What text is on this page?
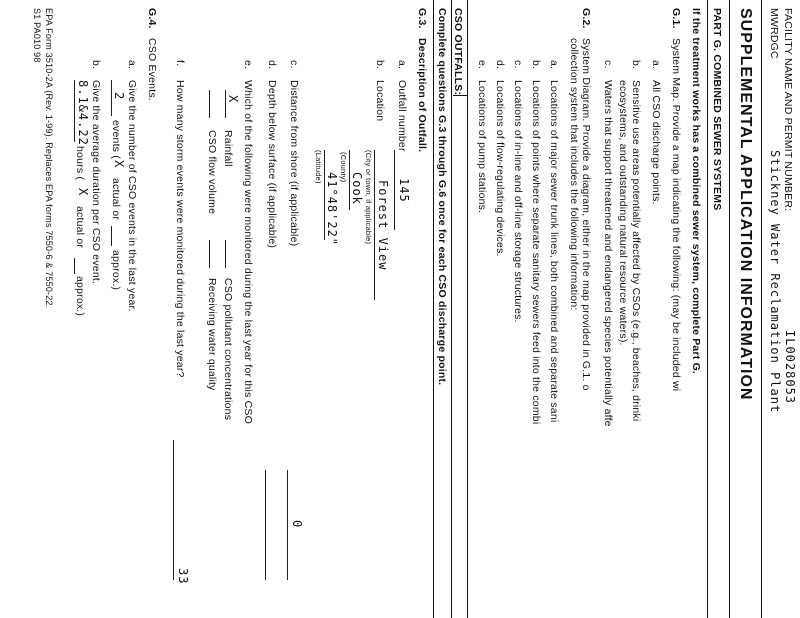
FACILITY NAME AND PERMIT NUMBER:
IL0028053
MWRDGC
Stickney Water Reclamation Plant
SUPPLEMENTAL APPLICATION INFORMATION
PART G. COMBINED SEWER SYSTEMS
If the treatment works has a combined sewer system, complete Part G.
G.1.
System Map. Provide a map indicating the following: (may be included wi
a.
All CSO discharge points.
b.
Sensitive use areas potentially affected by CSOs (e.g., beaches, drinki
ecosystems, and outstanding natural resource waters).
c.
Waters that support threatened and endangered species potentially affe
G.2.
System Diagram. Provide a diagram, either in the map provided in G.1. o
collection system that includes the following information:
a.
Locations of major sewer trunk lines, both combined and separate sani
b.
Locations of points where separate sanitary sewers feed into the combi
c.
Locations of in-line and off-line storage structures.
d.
Locations of flow-regulating devices.
e.
Locations of pump stations.
CSO OUTFALLS:
Complete questions G.3 through G.6 once for each CSO discharge point.
G.3.
Description of Outfall.
a.
Outfall number
145
b.
Location
Forest View
(City or town, if applicable)
Cook
(County)
41°48'22"
(Latitude)
c.
Distance from shore (if applicable)
0
d.
Depth below surface (if applicable)
e.
Which of the following were monitored during the last year for this CSO
X
Rainfall
CSO pollutant concentrations
CSO flow volume
Receiving water quality
f.
How many storm events were monitored during the last year?
33
G.4.
CSO Events.
a.
Give the number of CSO events in the last year.
2
events (
X
actual or
approx.)
b.
Give the average duration per CSO event.
8.1&4.22
hours (
X
actual or
approx.)
EPA Form 3510-2A (Rev. 1-99). Replaces EPA forms 7550-6 & 7550-22.
S1 PA010 98
